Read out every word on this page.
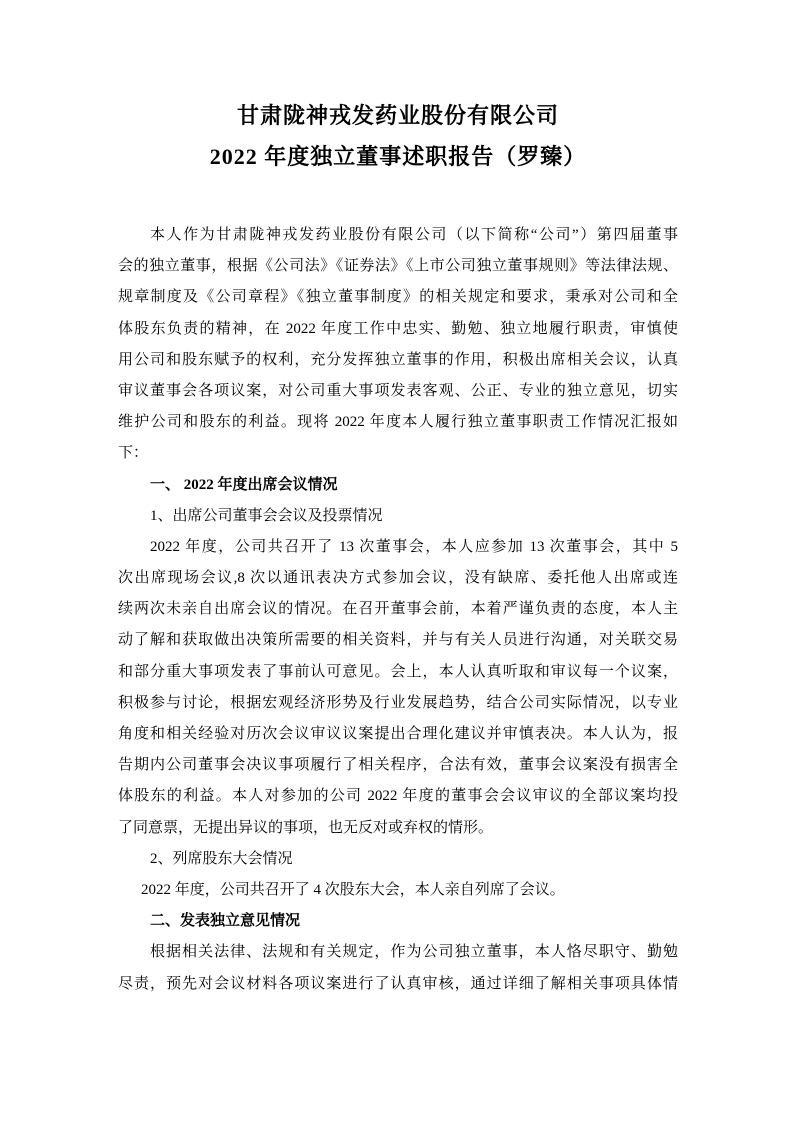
甘肃陇神戎发药业股份有限公司
2022 年度独立董事述职报告（罗臻）
本人作为甘肃陇神戎发药业股份有限公司（以下简称“公司”）第四届董事
会的独立董事，根据《公司法》《证券法》《上市公司独立董事规则》等法律法规、
规章制度及《公司章程》《独立董事制度》的相关规定和要求，秉承对公司和全
体股东负责的精神，在 2022 年度工作中忠实、勤勉、独立地履行职责，审慎使
用公司和股东赋予的权利，充分发挥独立董事的作用，积极出席相关会议，认真
审议董事会各项议案，对公司重大事项发表客观、公正、专业的独立意见，切实
维护公司和股东的利益。现将 2022 年度本人履行独立董事职责工作情况汇报如
下：
一、 2022 年度出席会议情况
1、出席公司董事会会议及投票情况
2022 年度，公司共召开了 13 次董事会，本人应参加 13 次董事会，其中 5
次出席现场会议,8 次以通讯表决方式参加会议，没有缺席、委托他人出席或连
续两次未亲自出席会议的情况。在召开董事会前，本着严谨负责的态度，本人主
动了解和获取做出决策所需要的相关资料，并与有关人员进行沟通，对关联交易
和部分重大事项发表了事前认可意见。会上，本人认真听取和审议每一个议案，
积极参与讨论，根据宏观经济形势及行业发展趋势，结合公司实际情况，以专业
角度和相关经验对历次会议审议议案提出合理化建议并审慎表决。本人认为，报
告期内公司董事会决议事项履行了相关程序，合法有效，董事会议案没有损害全
体股东的利益。本人对参加的公司 2022 年度的董事会会议审议的全部议案均投
了同意票，无提出异议的事项，也无反对或弃权的情形。
2、列席股东大会情况
2022 年度，公司共召开了 4 次股东大会，本人亲自列席了会议。
二、发表独立意见情况
根据相关法律、法规和有关规定，作为公司独立董事，本人恪尽职守、勤勉
尽责，预先对会议材料各项议案进行了认真审核，通过详细了解相关事项具体情
